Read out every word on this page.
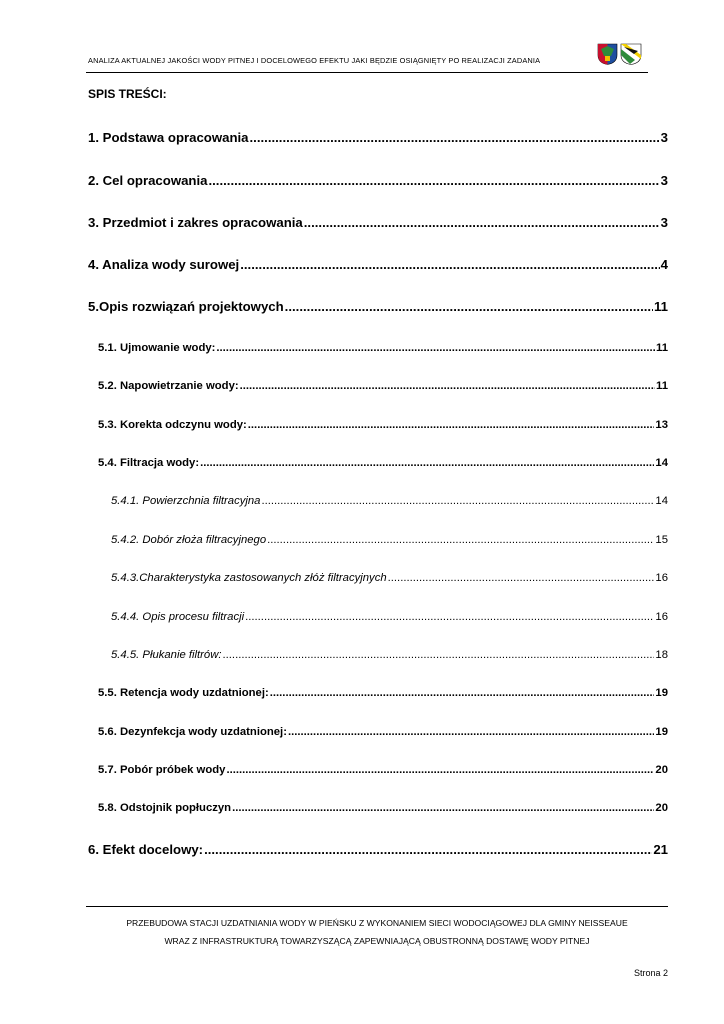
ANALIZA AKTUALNEJ JAKOŚCI WODY PITNEJ I DOCELOWEGO EFEKTU JAKI BĘDZIE OSIĄGNIĘTY PO REALIZACJI ZADANIA
SPIS TREŚCI:
1. Podstawa opracowania .....	3
2. Cel opracowania .....	3
3. Przedmiot i zakres opracowania .....	3
4. Analiza wody surowej .....	4
5.Opis rozwiązań projektowych .....	11
5.1. Ujmowanie wody: .....	11
5.2. Napowietrzanie wody: .....	11
5.3. Korekta odczynu wody: .....	13
5.4. Filtracja wody: .....	14
5.4.1. Powierzchnia filtracyjna .....	14
5.4.2. Dobór złoża filtracyjnego .....	15
5.4.3.Charakterystyka zastosowanych złóż filtracyjnych .....	16
5.4.4. Opis procesu filtracji .....	16
5.4.5. Płukanie filtrów: .....	18
5.5. Retencja wody uzdatnionej: .....	19
5.6. Dezynfekcja wody uzdatnionej: .....	19
5.7. Pobór próbek wody .....	20
5.8. Odstojnik popłuczyn .....	20
6. Efekt docelowy: .....	21
PRZEBUDOWA STACJI UZDATNIANIA WODY W PIEŃSKU Z WYKONANIEM SIECI WODOCIĄGOWEJ DLA GMINY NEISSEAUE
WRAZ Z INFRASTRUKTURĄ TOWARZYSZĄCĄ ZAPEWNIAJĄCĄ OBUSTRONNĄ DOSTAWĘ WODY PITNEJ
Strona 2
